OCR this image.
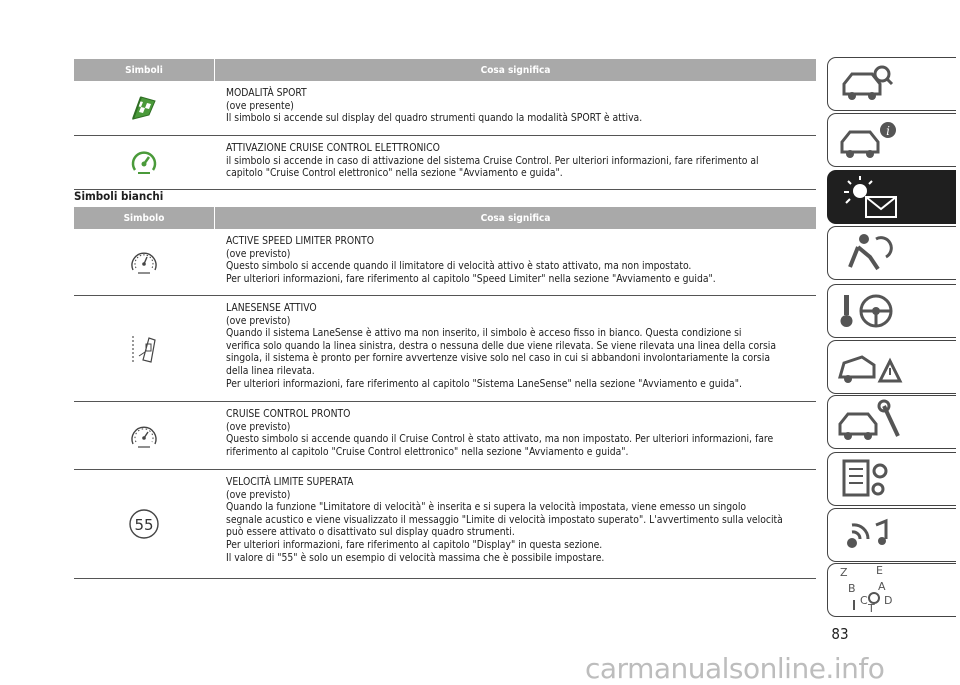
Simboli	Cosa significa
MODALITÀ SPORT
(ove presente)
Il simbolo si accende sul display del quadro strumenti quando la modalità SPORT è attiva.
ATTIVAZIONE CRUISE CONTROL ELETTRONICO
il simbolo si accende in caso di attivazione del sistema Cruise Control. Per ulteriori informazioni, fare riferimento al
capitolo "Cruise Control elettronico" nella sezione "Avviamento e guida".
Simboli bianchi
Simbolo	Cosa significa
ACTIVE SPEED LIMITER PRONTO
(ove previsto)
Questo simbolo si accende quando il limitatore di velocità attivo è stato attivato, ma non impostato.
Per ulteriori informazioni, fare riferimento al capitolo "Speed Limiter" nella sezione "Avviamento e guida".
LANESENSE ATTIVO
(ove previsto)
Quando il sistema LaneSense è attivo ma non inserito, il simbolo è acceso fisso in bianco. Questa condizione si
verifica solo quando la linea sinistra, destra o nessuna delle due viene rilevata. Se viene rilevata una linea della corsia
singola, il sistema è pronto per fornire avvertenze visive solo nel caso in cui si abbandoni involontariamente la corsia
della linea rilevata.
Per ulteriori informazioni, fare riferimento al capitolo "Sistema LaneSense" nella sezione "Avviamento e guida".
CRUISE CONTROL PRONTO
(ove previsto)
Questo simbolo si accende quando il Cruise Control è stato attivato, ma non impostato. Per ulteriori informazioni, fare
riferimento al capitolo "Cruise Control elettronico" nella sezione "Avviamento e guida".
55
VELOCITÀ LIMITE SUPERATA
(ove previsto)
Quando la funzione "Limitatore di velocità" è inserita e si supera la velocità impostata, viene emesso un singolo
segnale acustico e viene visualizzato il messaggio "Limite di velocità impostato superato". L'avvertimento sulla velocità
può essere attivato o disattivato sul display quadro strumenti.
Per ulteriori informazioni, fare riferimento al capitolo "Display" in questa sezione.
Il valore di "55" è solo un esempio di velocità massima che è possibile impostare.
i
Z	E
B A
C D
T
83
carmanualsonline.info
